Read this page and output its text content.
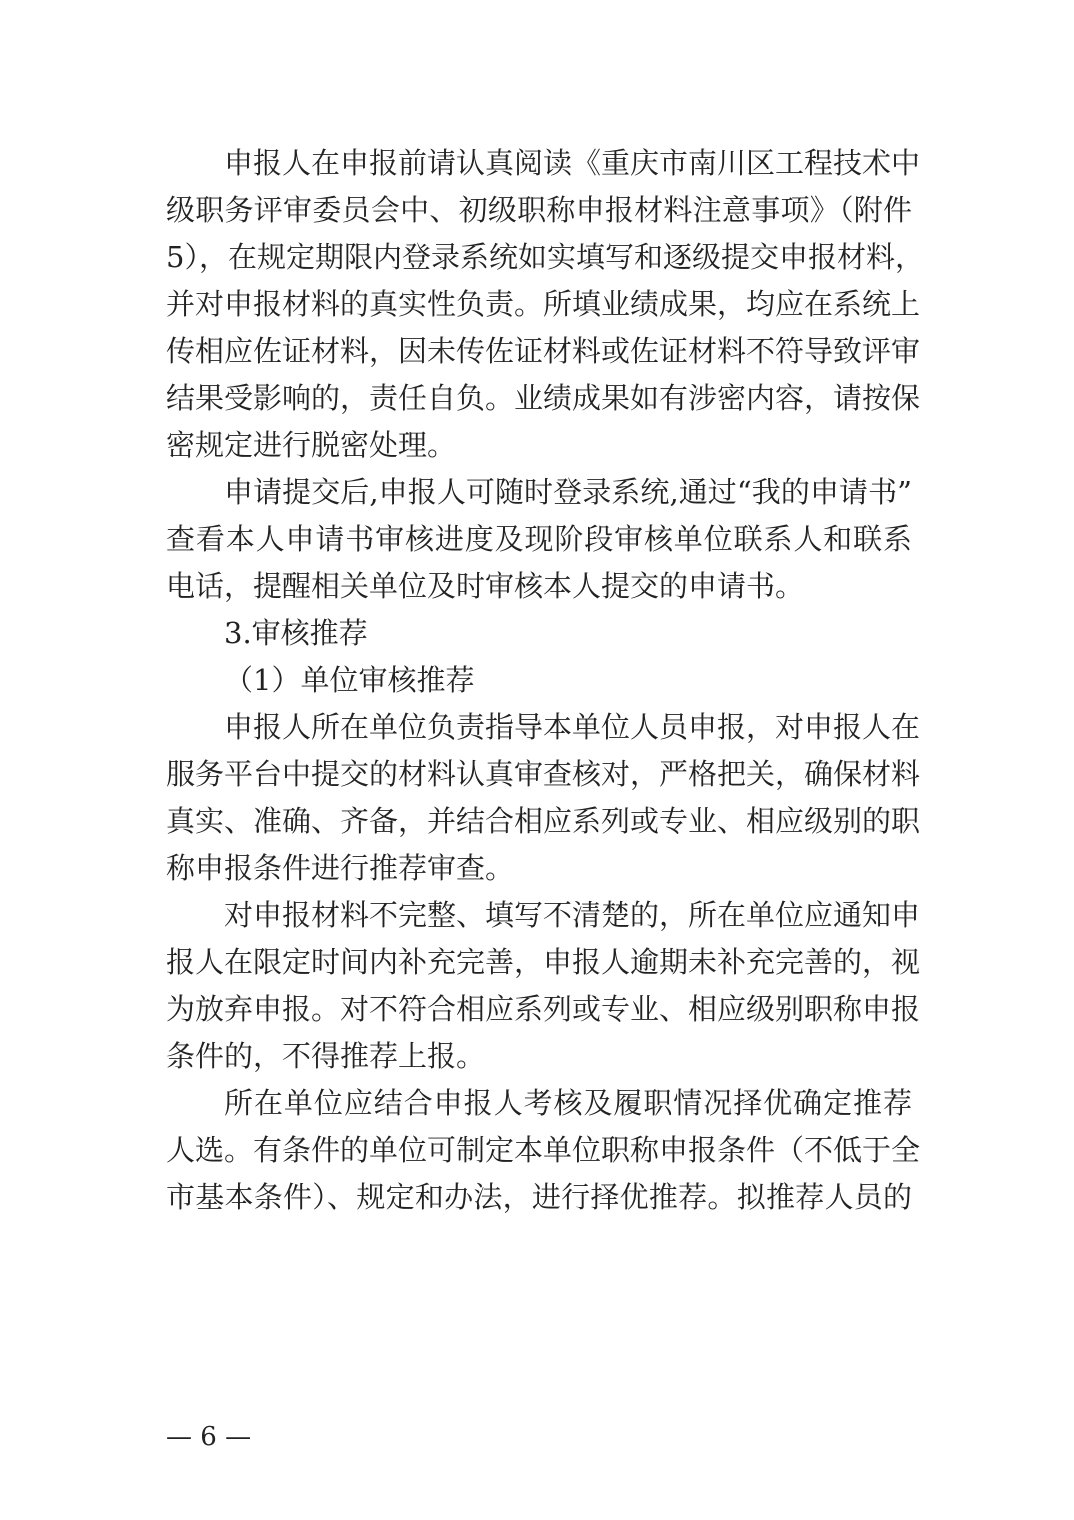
申报人在申报前请认真阅读《重庆市南川区工程技术中
级职务评审委员会中、初级职称申报材料注意事项》（附件
5），在规定期限内登录系统如实填写和逐级提交申报材料，
并对申报材料的真实性负责。所填业绩成果，均应在系统上
传相应佐证材料，因未传佐证材料或佐证材料不符导致评审
结果受影响的，责任自负。业绩成果如有涉密内容，请按保
密规定进行脱密处理。
申请提交后,申报人可随时登录系统,通过“我的申请书”
查看本人申请书审核进度及现阶段审核单位联系人和联系
电话，提醒相关单位及时审核本人提交的申请书。
3.审核推荐
（1）单位审核推荐
申报人所在单位负责指导本单位人员申报，对申报人在
服务平台中提交的材料认真审查核对，严格把关，确保材料
真实、准确、齐备，并结合相应系列或专业、相应级别的职
称申报条件进行推荐审查。
对申报材料不完整、填写不清楚的，所在单位应通知申
报人在限定时间内补充完善，申报人逾期未补充完善的，视
为放弃申报。对不符合相应系列或专业、相应级别职称申报
条件的，不得推荐上报。
所在单位应结合申报人考核及履职情况择优确定推荐
人选。有条件的单位可制定本单位职称申报条件（不低于全
市基本条件）、规定和办法，进行择优推荐。拟推荐人员的
— 6 —
